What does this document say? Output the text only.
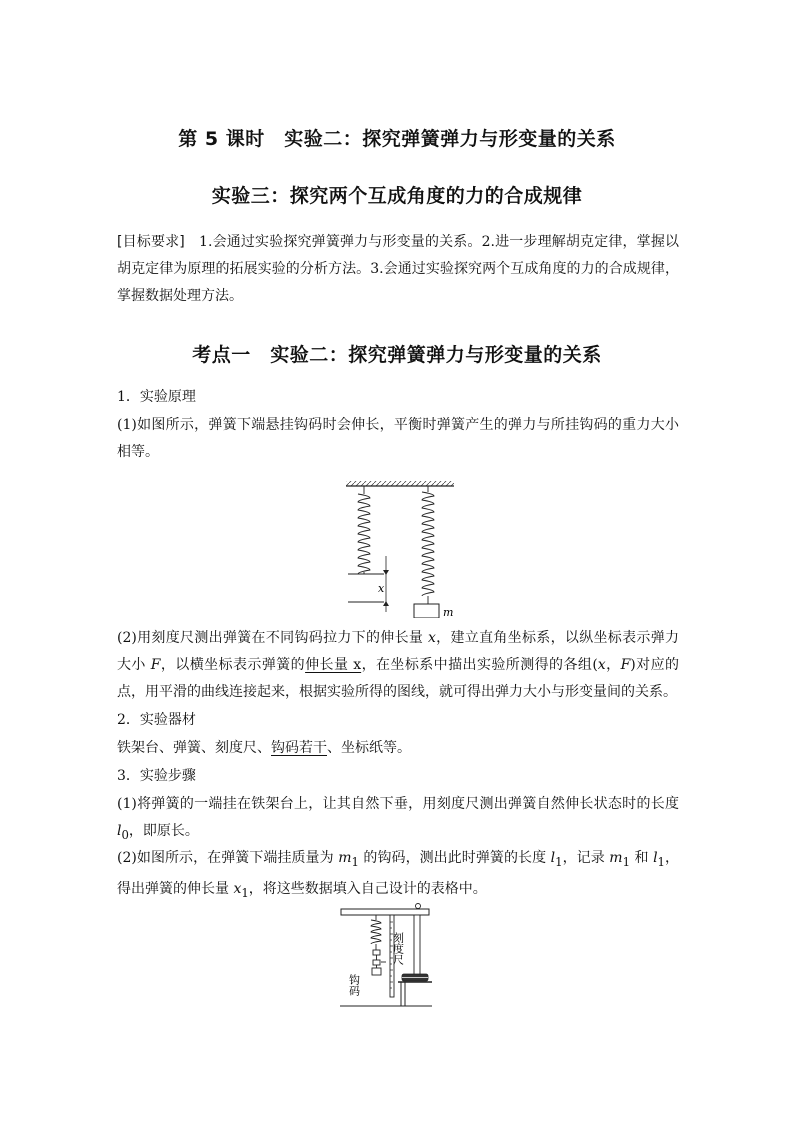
第 5 课时　实验二：探究弹簧弹力与形变量的关系
实验三：探究两个互成角度的力的合成规律

[目标要求]　 1.会通过实验探究弹簧弹力与形变量的关系。2.进一步理解胡克定律，掌握以胡克定律为原理的拓展实验的分析方法。3.会通过实验探究两个互成角度的力的合成规律，掌握数据处理方法。

考点一　实验二：探究弹簧弹力与形变量的关系

1．实验原理

(1)如图所示，弹簧下端悬挂钩码时会伸长，平衡时弹簧产生的弹力与所挂钩码的重力大小相等。

x
m

(2)用刻度尺测出弹簧在不同钩码拉力下的伸长量 x，建立直角坐标系，以纵坐标表示弹力大小 F，以横坐标表示弹簧的伸长量 x，在坐标系中描出实验所测得的各组(x，F)对应的点，用平滑的曲线连接起来，根据实验所得的图线，就可得出弹力大小与形变量间的关系。

2．实验器材

铁架台、弹簧、刻度尺、钩码若干、坐标纸等。

3．实验步骤

(1)将弹簧的一端挂在铁架台上，让其自然下垂，用刻度尺测出弹簧自然伸长状态时的长度 $l_0$，即原长。

(2)如图所示，在弹簧下端挂质量为 $m_1$ 的钩码，测出此时弹簧的长度 $l_1$，记录 $m_1$ 和 $l_1$，得出弹簧的伸长量 $x_1$，将这些数据填入自己设计的表格中。

刻度尺
钩码
